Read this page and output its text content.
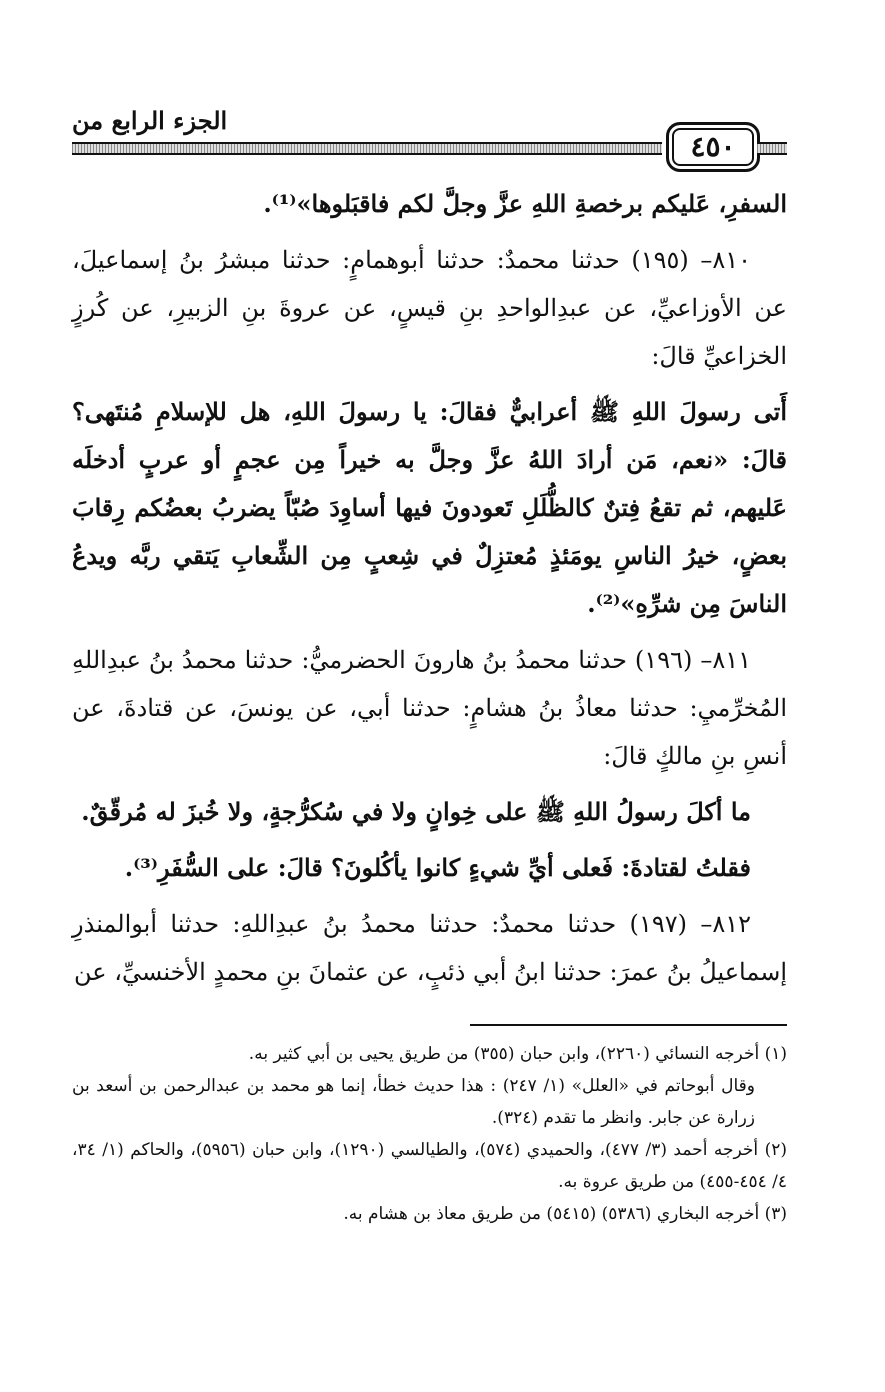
الجزء الرابع من
٤٥٠

السفرِ، عَليكم برخصةِ اللهِ عزَّ وجلَّ لكم فاقبَلوها»⁽¹⁾.

٨١٠– (١٩٥) حدثنا محمدٌ: حدثنا أبوهمامٍ: حدثنا مبشرُ بنُ إسماعيلَ، عن الأوزاعيِّ، عن عبدِالواحدِ بنِ قيسٍ، عن عروةَ بنِ الزبيرِ، عن كُرزٍ الخزاعيِّ قالَ:

أَتى رسولَ اللهِ ﷺ أعرابيٌّ فقالَ: يا رسولَ اللهِ، هل للإسلامِ مُنتَهى؟ قالَ: «نعم، مَن أرادَ اللهُ عزَّ وجلَّ به خيراً مِن عجمٍ أو عربٍ أدخلَه عَليهم، ثم تقعُ فِتنٌ كالظُّلَلِ تَعودونَ فيها أساوِدَ صُبّاً يضربُ بعضُكم رِقابَ بعضٍ، خيرُ الناسِ يومَئذٍ مُعتزِلٌ في شِعبٍ مِن الشِّعابِ يَتقي ربَّه ويدعُ الناسَ مِن شرِّهِ»⁽²⁾.

٨١١– (١٩٦) حدثنا محمدُ بنُ هارونَ الحضرميُّ: حدثنا محمدُ بنُ عبدِاللهِ المُخرِّميِ: حدثنا معاذُ بنُ هشامٍ: حدثنا أبي، عن يونسَ، عن قتادةَ، عن أنسِ بنِ مالكٍ قالَ:

ما أكلَ رسولُ اللهِ ﷺ على خِوانٍ ولا في سُكرُّجةٍ، ولا خُبزَ له مُرقّقٌ.

فقلتُ لقتادةَ: فَعلى أيِّ شيءٍ كانوا يأكُلونَ؟ قالَ: على السُّفَرِ⁽³⁾.

٨١٢– (١٩٧) حدثنا محمدٌ: حدثنا محمدُ بنُ عبدِاللهِ: حدثنا أبوالمنذرِ إسماعيلُ بنُ عمرَ: حدثنا ابنُ أبي ذئبٍ، عن عثمانَ بنِ محمدٍ الأخنسيِّ، عن

(١) أخرجه النسائي (٢٢٦٠)، وابن حبان (٣٥٥) من طريق يحيى بن أبي كثير به.

وقال أبوحاتم في «العلل» (١/ ٢٤٧) : هذا حديث خطأ، إنما هو محمد بن عبدالرحمن بن أسعد بن زرارة عن جابر. وانظر ما تقدم (٣٢٤).

(٢) أخرجه أحمد (٣/ ٤٧٧)، والحميدي (٥٧٤)، والطيالسي (١٢٩٠)، وابن حبان (٥٩٥٦)، والحاكم (١/ ٣٤، ٤/ ٤٥٤-٤٥٥) من طريق عروة به.

(٣) أخرجه البخاري (٥٣٨٦) (٥٤١٥) من طريق معاذ بن هشام به.
